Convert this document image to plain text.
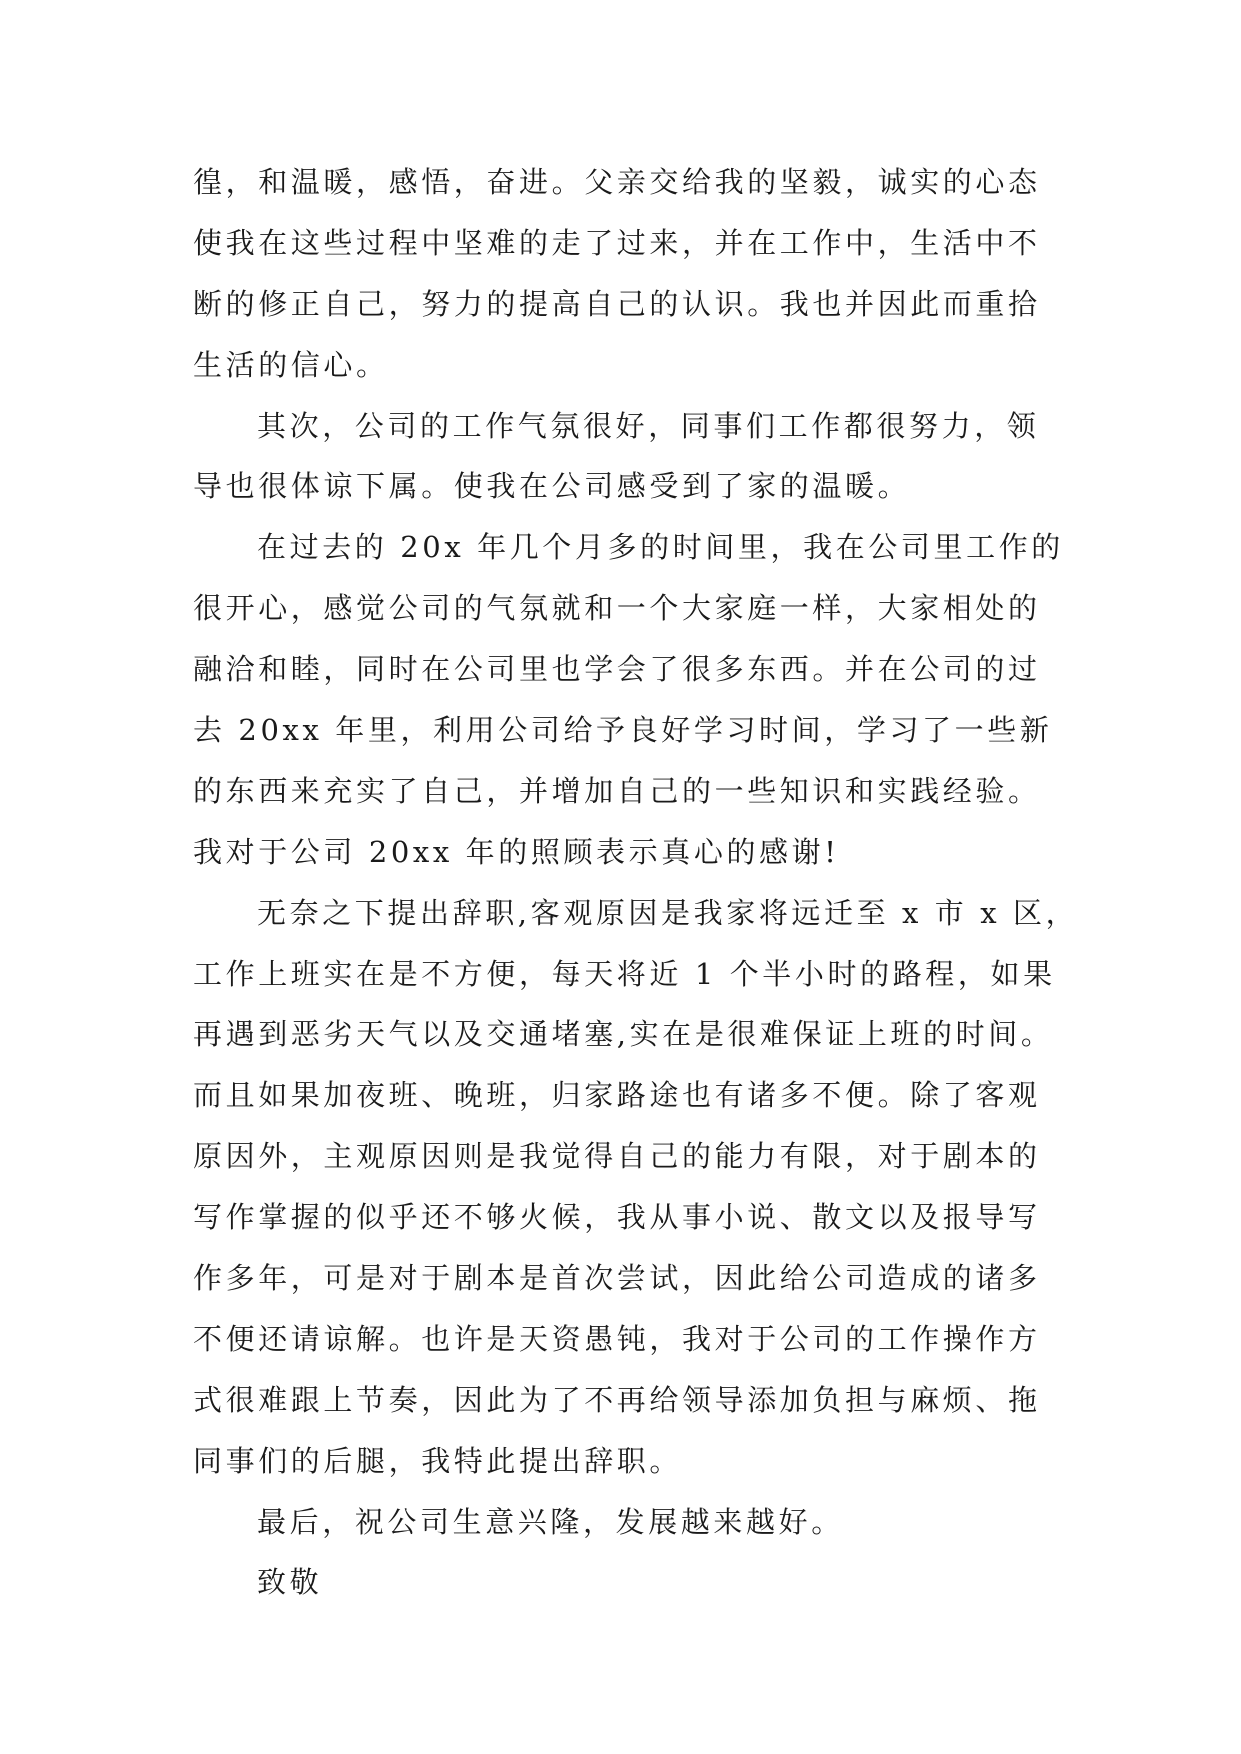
徨，和温暖，感悟，奋进。父亲交给我的坚毅，诚实的心态
使我在这些过程中坚难的走了过来，并在工作中，生活中不
断的修正自己，努力的提高自己的认识。我也并因此而重拾
生活的信心。
其次，公司的工作气氛很好，同事们工作都很努力，领
导也很体谅下属。使我在公司感受到了家的温暖。
在过去的 20x 年几个月多的时间里，我在公司里工作的
很开心，感觉公司的气氛就和一个大家庭一样，大家相处的
融洽和睦，同时在公司里也学会了很多东西。并在公司的过
去 20xx 年里，利用公司给予良好学习时间，学习了一些新
的东西来充实了自己，并增加自己的一些知识和实践经验。
我对于公司 20xx 年的照顾表示真心的感谢!
无奈之下提出辞职,客观原因是我家将远迁至 x 市 x 区，
工作上班实在是不方便，每天将近 1 个半小时的路程，如果
再遇到恶劣天气以及交通堵塞,实在是很难保证上班的时间。
而且如果加夜班、晚班，归家路途也有诸多不便。除了客观
原因外，主观原因则是我觉得自己的能力有限，对于剧本的
写作掌握的似乎还不够火候，我从事小说、散文以及报导写
作多年，可是对于剧本是首次尝试，因此给公司造成的诸多
不便还请谅解。也许是天资愚钝，我对于公司的工作操作方
式很难跟上节奏，因此为了不再给领导添加负担与麻烦、拖
同事们的后腿，我特此提出辞职。
最后，祝公司生意兴隆，发展越来越好。
致敬
